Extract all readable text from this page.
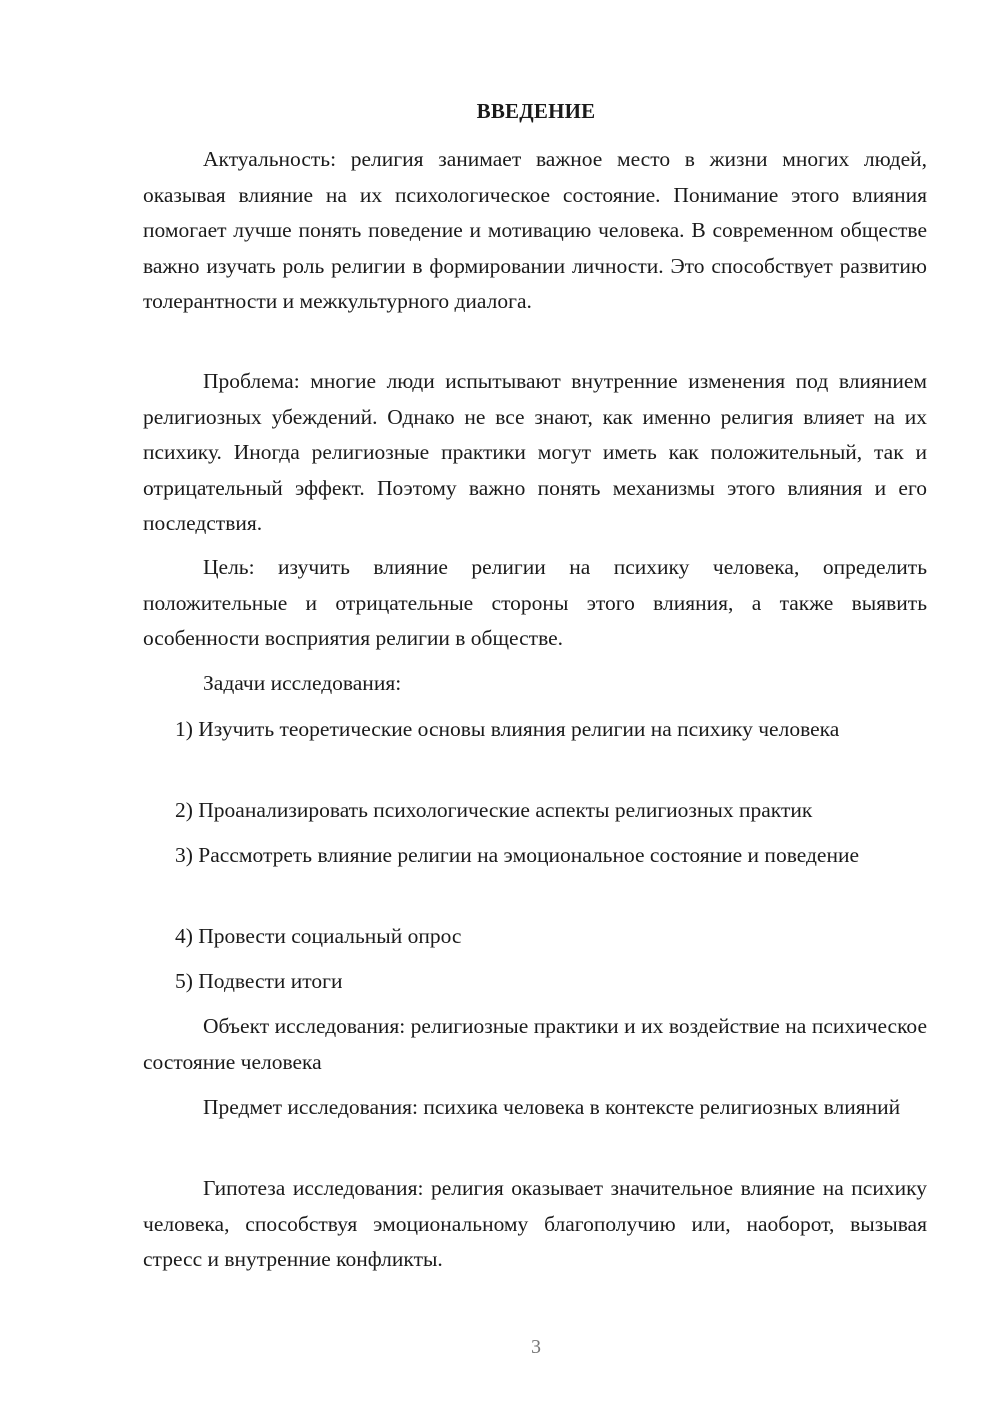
ВВЕДЕНИЕ

Актуальность: религия занимает важное место в жизни многих людей, оказывая влияние на их психологическое состояние. Понимание этого влияния помогает лучше понять поведение и мотивацию человека. В современном обществе важно изучать роль религии в формировании личности. Это способствует развитию толерантности и межкультурного диалога.

Проблема: многие люди испытывают внутренние изменения под влиянием религиозных убеждений. Однако не все знают, как именно религия влияет на их психику. Иногда религиозные практики могут иметь как положительный, так и отрицательный эффект. Поэтому важно понять механизмы этого влияния и его последствия.

Цель: изучить влияние религии на психику человека, определить положительные и отрицательные стороны этого влияния, а также выявить особенности восприятия религии в обществе.

Задачи исследования:

1) Изучить теоретические основы влияния религии на психику человека

2) Проанализировать психологические аспекты религиозных практик

3) Рассмотреть влияние религии на эмоциональное состояние и поведение

4) Провести социальный опрос

5) Подвести итоги

Объект исследования: религиозные практики и их воздействие на психическое состояние человека

Предмет исследования: психика человека в контексте религиозных влияний

Гипотеза исследования: религия оказывает значительное влияние на психику человека, способствуя эмоциональному благополучию или, наоборот, вызывая стресс и внутренние конфликты.

3
